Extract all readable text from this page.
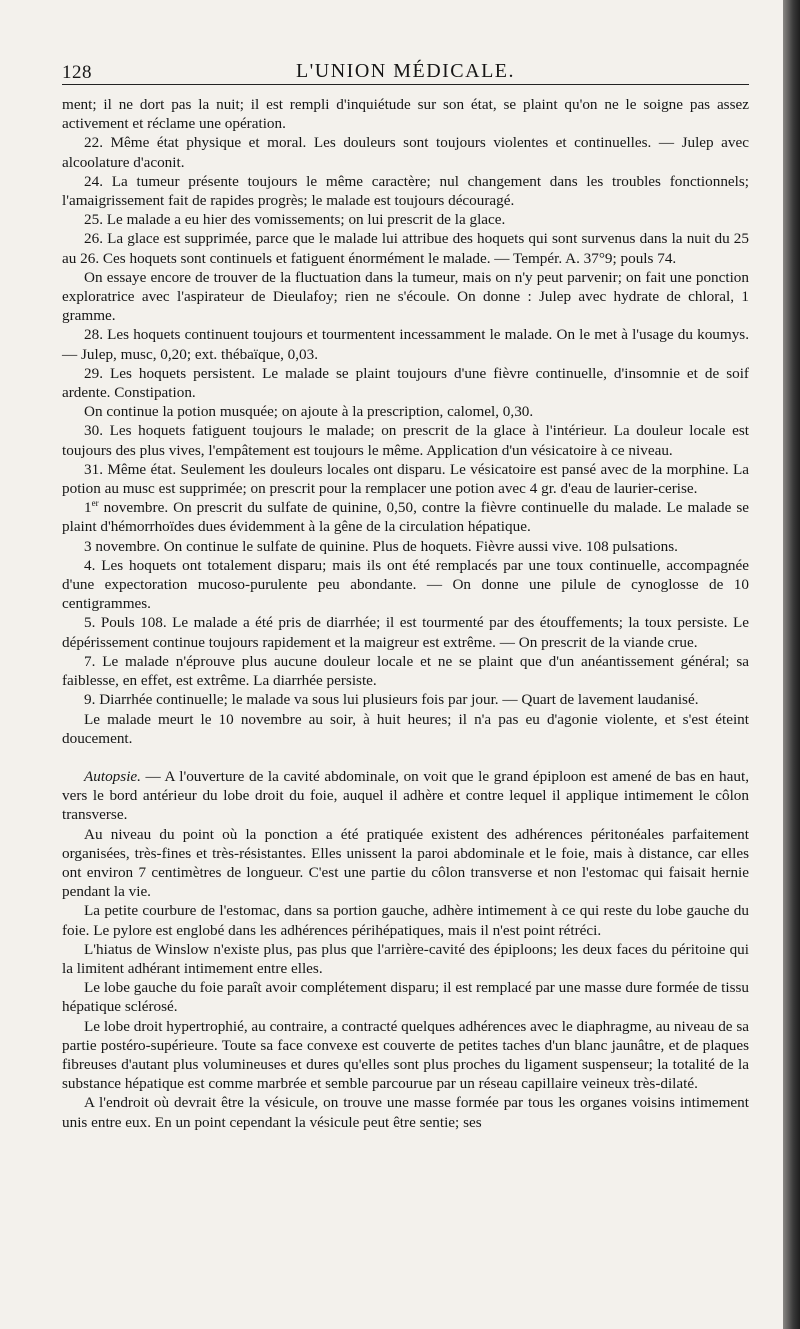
128	L'UNION MÉDICALE.

ment; il ne dort pas la nuit; il est rempli d'inquiétude sur son état, se plaint qu'on ne le soigne pas assez activement et réclame une opération.

22. Même état physique et moral. Les douleurs sont toujours violentes et continuelles. — Julep avec alcoolature d'aconit.

24. La tumeur présente toujours le même caractère; nul changement dans les troubles fonctionnels; l'amaigrissement fait de rapides progrès; le malade est toujours découragé.

25. Le malade a eu hier des vomissements; on lui prescrit de la glace.

26. La glace est supprimée, parce que le malade lui attribue des hoquets qui sont survenus dans la nuit du 25 au 26. Ces hoquets sont continuels et fatiguent énormément le malade. — Tempér. A. 37°9; pouls 74.

On essaye encore de trouver de la fluctuation dans la tumeur, mais on n'y peut parvenir; on fait une ponction exploratrice avec l'aspirateur de Dieulafoy; rien ne s'écoule. On donne : Julep avec hydrate de chloral, 1 gramme.

28. Les hoquets continuent toujours et tourmentent incessamment le malade. On le met à l'usage du koumys. — Julep, musc, 0,20; ext. thébaïque, 0,03.

29. Les hoquets persistent. Le malade se plaint toujours d'une fièvre continuelle, d'insomnie et de soif ardente. Constipation.

On continue la potion musquée; on ajoute à la prescription, calomel, 0,30.

30. Les hoquets fatiguent toujours le malade; on prescrit de la glace à l'intérieur. La douleur locale est toujours des plus vives, l'empâtement est toujours le même. Application d'un vésicatoire à ce niveau.

31. Même état. Seulement les douleurs locales ont disparu. Le vésicatoire est pansé avec de la morphine. La potion au musc est supprimée; on prescrit pour la remplacer une potion avec 4 gr. d'eau de laurier-cerise.

1er novembre. On prescrit du sulfate de quinine, 0,50, contre la fièvre continuelle du malade. Le malade se plaint d'hémorrhoïdes dues évidemment à la gêne de la circulation hépatique.

3 novembre. On continue le sulfate de quinine. Plus de hoquets. Fièvre aussi vive. 108 pulsations.

4. Les hoquets ont totalement disparu; mais ils ont été remplacés par une toux continuelle, accompagnée d'une expectoration mucoso-purulente peu abondante. — On donne une pilule de cynoglosse de 10 centigrammes.

5. Pouls 108. Le malade a été pris de diarrhée; il est tourmenté par des étouffements; la toux persiste. Le dépérissement continue toujours rapidement et la maigreur est extrême. — On prescrit de la viande crue.

7. Le malade n'éprouve plus aucune douleur locale et ne se plaint que d'un anéantissement général; sa faiblesse, en effet, est extrême. La diarrhée persiste.

9. Diarrhée continuelle; le malade va sous lui plusieurs fois par jour. — Quart de lavement laudanisé.

Le malade meurt le 10 novembre au soir, à huit heures; il n'a pas eu d'agonie violente, et s'est éteint doucement.

Autopsie. — A l'ouverture de la cavité abdominale, on voit que le grand épiploon est amené de bas en haut, vers le bord antérieur du lobe droit du foie, auquel il adhère et contre lequel il applique intimement le côlon transverse.

Au niveau du point où la ponction a été pratiquée existent des adhérences péritonéales parfaitement organisées, très-fines et très-résistantes. Elles unissent la paroi abdominale et le foie, mais à distance, car elles ont environ 7 centimètres de longueur. C'est une partie du côlon transverse et non l'estomac qui faisait hernie pendant la vie.

La petite courbure de l'estomac, dans sa portion gauche, adhère intimement à ce qui reste du lobe gauche du foie. Le pylore est englobé dans les adhérences périhépatiques, mais il n'est point rétréci.

L'hiatus de Winslow n'existe plus, pas plus que l'arrière-cavité des épiploons; les deux faces du péritoine qui la limitent adhérant intimement entre elles.

Le lobe gauche du foie paraît avoir complétement disparu; il est remplacé par une masse dure formée de tissu hépatique sclérosé.

Le lobe droit hypertrophié, au contraire, a contracté quelques adhérences avec le diaphragme, au niveau de sa partie postéro-supérieure. Toute sa face convexe est couverte de petites taches d'un blanc jaunâtre, et de plaques fibreuses d'autant plus volumineuses et dures qu'elles sont plus proches du ligament suspenseur; la totalité de la substance hépatique est comme marbrée et semble parcourue par un réseau capillaire veineux très-dilaté.

A l'endroit où devrait être la vésicule, on trouve une masse formée par tous les organes voisins intimement unis entre eux. En un point cependant la vésicule peut être sentie; ses
